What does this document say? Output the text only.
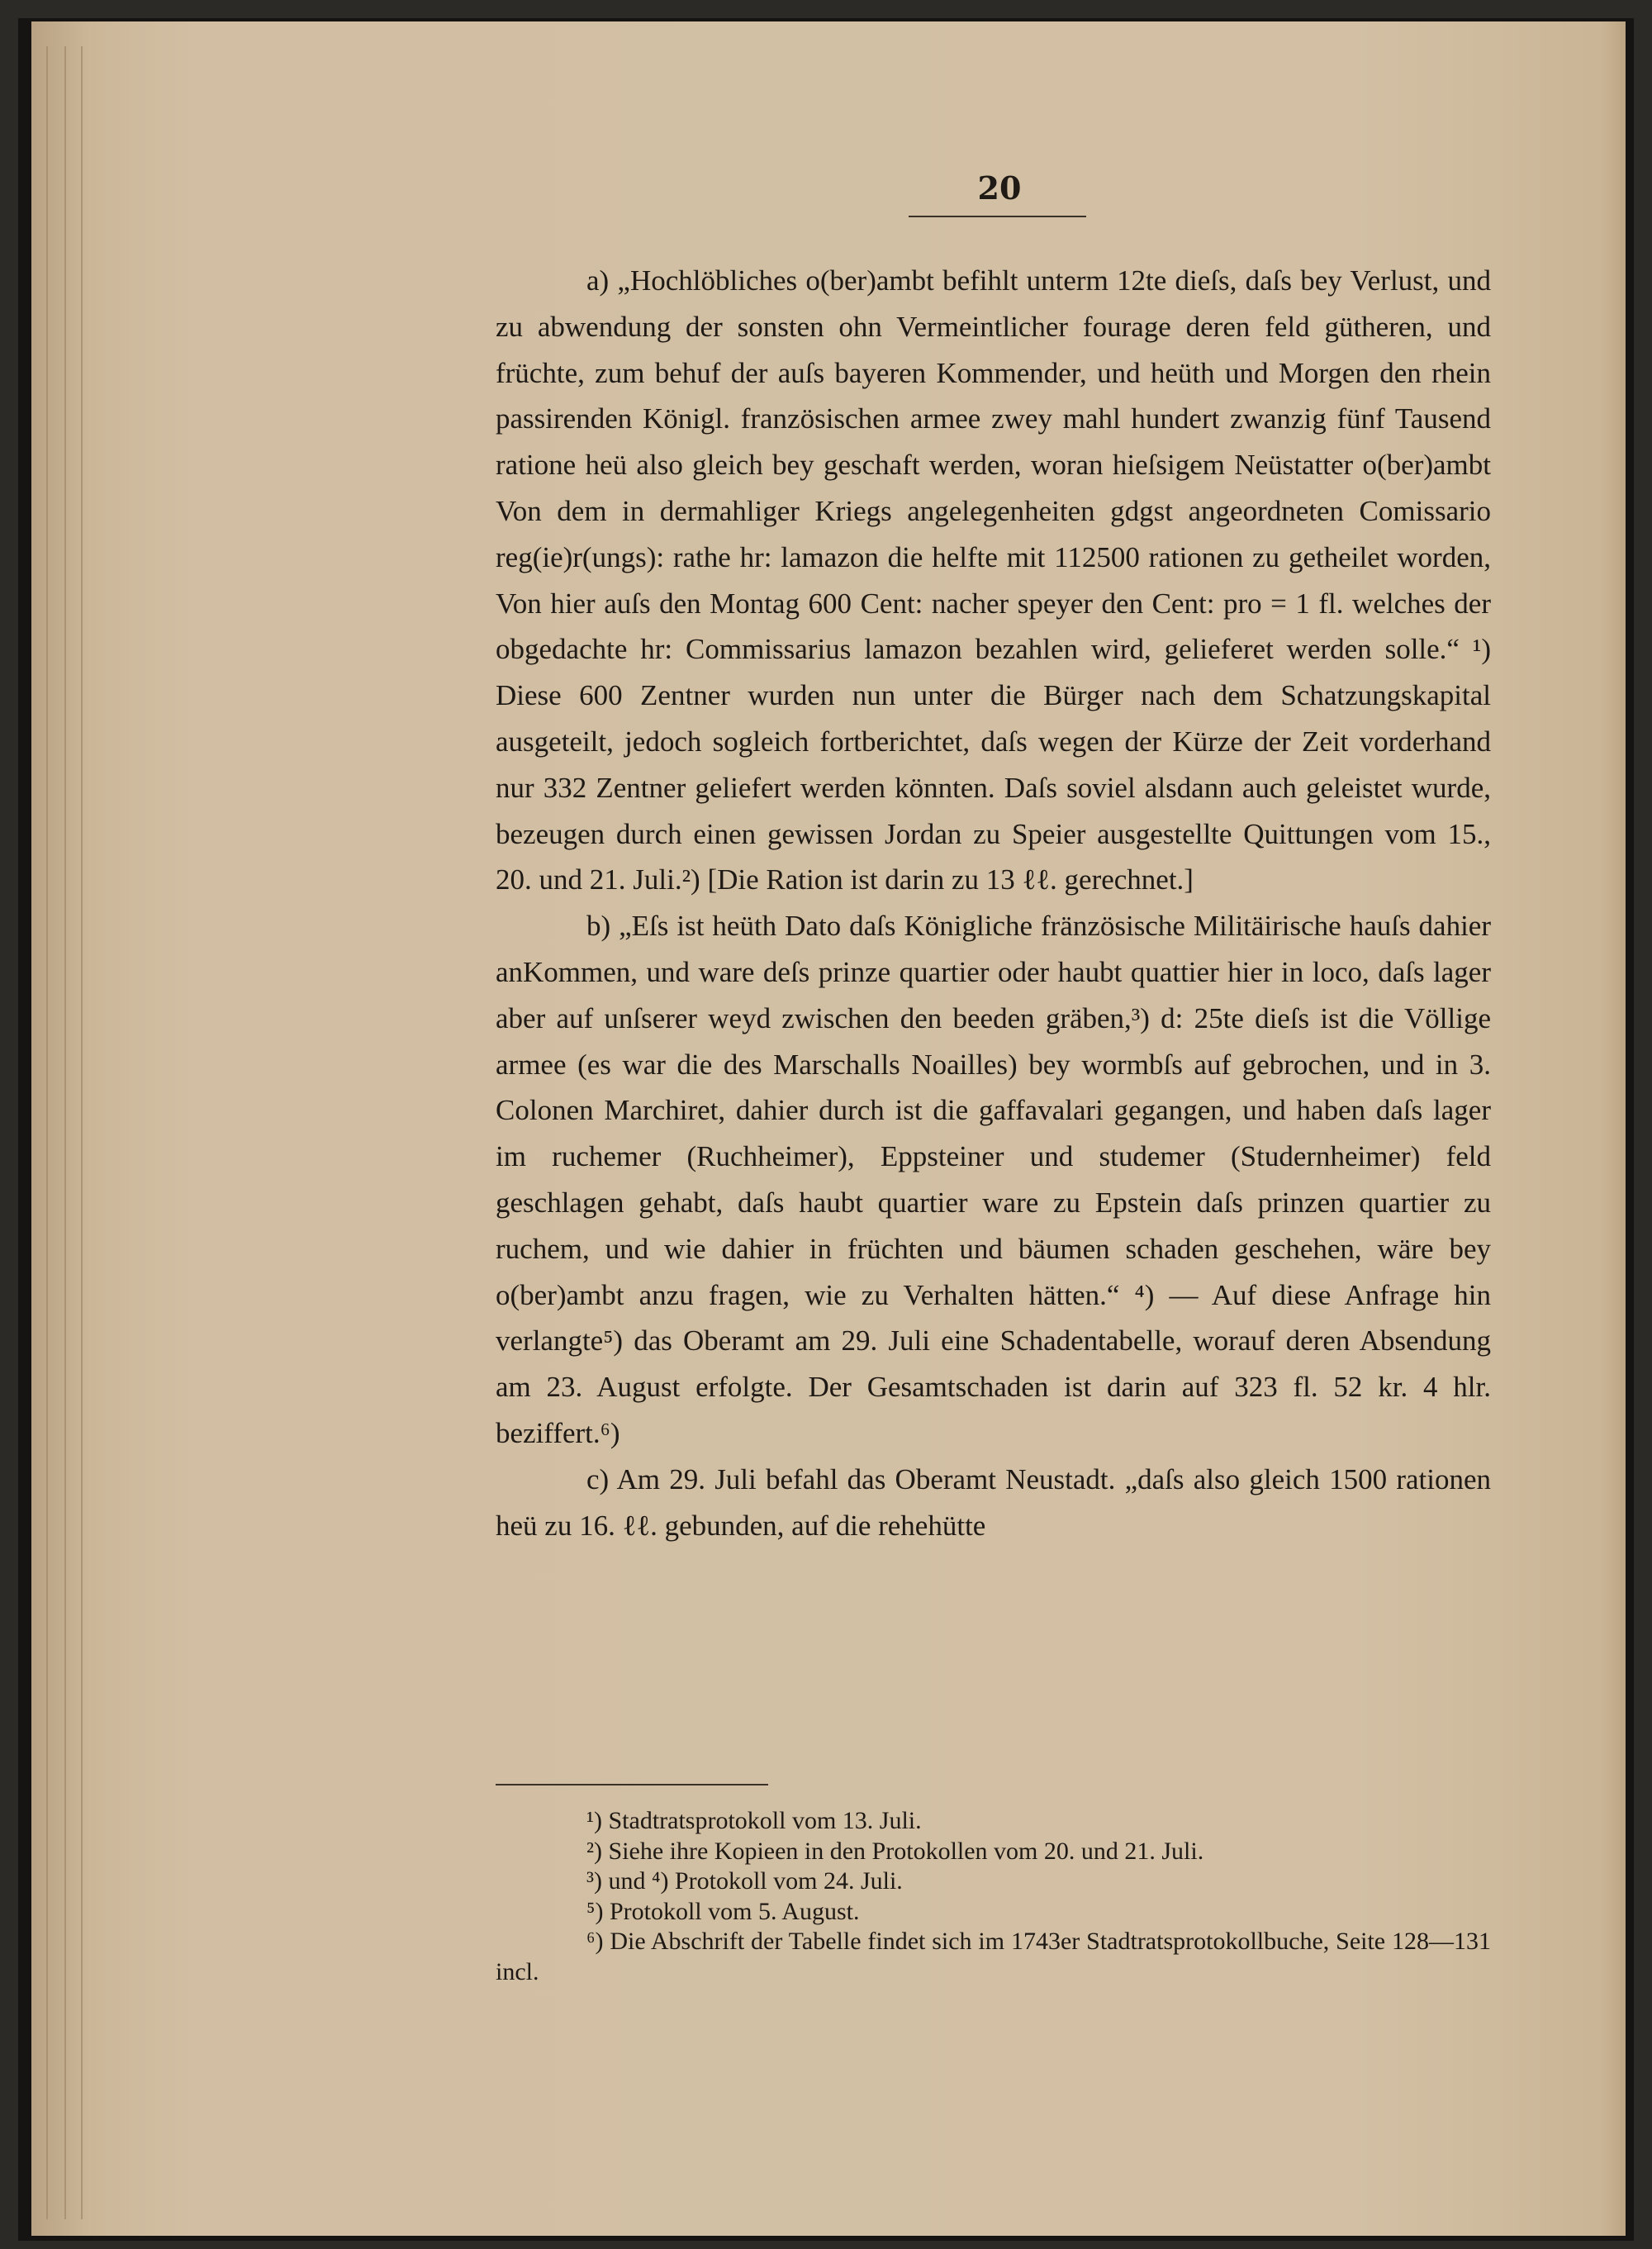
20

a) „Hochlöbliches o(ber)ambt befihlt unterm 12te dieſs, daſs bey Verlust, und zu abwendung der sonsten ohn Vermeintlicher fourage deren feld gütheren, und früchte, zum behuf der auſs bayeren Kommender, und heüth und Morgen den rhein passirenden Königl. französischen armee zwey mahl hundert zwanzig fünf Tausend ratione heü also gleich bey geschaft werden, woran hieſsigem Neüstatter o(ber)ambt Von dem in dermahliger Kriegs angelegenheiten gdgst angeordneten Comissario reg(ie)r(ungs): rathe hr: lamazon die helfte mit 112500 rationen zu getheilet worden, Von hier auſs den Montag 600 Cent: nacher speyer den Cent: pro = 1 fl. welches der obgedachte hr: Commissarius lamazon bezahlen wird, gelieferet werden solle.“ ¹) Diese 600 Zentner wurden nun unter die Bürger nach dem Schatzungskapital ausgeteilt, jedoch sogleich fortberichtet, daſs wegen der Kürze der Zeit vorderhand nur 332 Zentner geliefert werden könnten. Daſs soviel alsdann auch geleistet wurde, bezeugen durch einen gewissen Jordan zu Speier ausgestellte Quittungen vom 15., 20. und 21. Juli.²) [Die Ration ist darin zu 13 ℓℓ. gerechnet.]

b) „Eſs ist heüth Dato daſs Königliche fränzösische Militäirische hauſs dahier anKommen, und ware deſs prinze quartier oder haubt quattier hier in loco, daſs lager aber auf unſserer weyd zwischen den beeden gräben,³) d: 25te dieſs ist die Völlige armee (es war die des Marschalls Noailles) bey wormbſs auf gebrochen, und in 3. Colonen Marchiret, dahier durch ist die gaffavalari gegangen, und haben daſs lager im ruchemer (Ruchheimer), Eppsteiner und studemer (Studernheimer) feld geschlagen gehabt, daſs haubt quartier ware zu Epstein daſs prinzen quartier zu ruchem, und wie dahier in früchten und bäumen schaden geschehen, wäre bey o(ber)ambt anzu fragen, wie zu Verhalten hätten.“ ⁴) — Auf diese Anfrage hin verlangte⁵) das Oberamt am 29. Juli eine Schadentabelle, worauf deren Absendung am 23. August erfolgte. Der Gesamtschaden ist darin auf 323 fl. 52 kr. 4 hlr. beziffert.⁶)

c) Am 29. Juli befahl das Oberamt Neustadt. „daſs also gleich 1500 rationen heü zu 16. ℓℓ. gebunden, auf die rehehütte

¹) Stadtratsprotokoll vom 13. Juli.
²) Siehe ihre Kopieen in den Protokollen vom 20. und 21. Juli.
³) und ⁴) Protokoll vom 24. Juli.
⁵) Protokoll vom 5. August.
⁶) Die Abschrift der Tabelle findet sich im 1743er Stadtratsprotokollbuche, Seite 128—131 incl.
